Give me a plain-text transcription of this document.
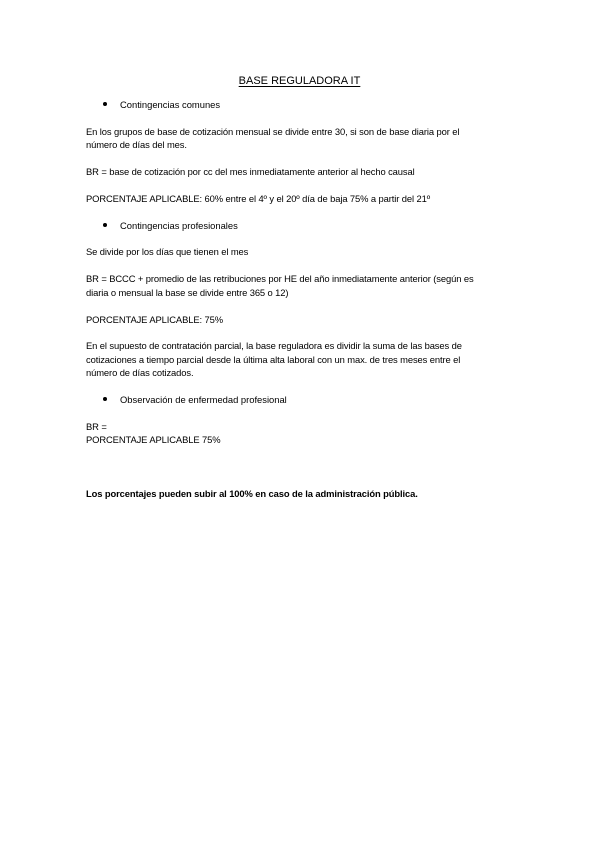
BASE REGULADORA IT
Contingencias comunes
En los grupos de base de cotización mensual se divide entre 30, si son de base diaria por el
número de días del mes.
BR = base de cotización por cc del mes inmediatamente anterior al hecho causal
PORCENTAJE APLICABLE: 60% entre el 4º y el 20º día de baja 75% a partir del 21º
Contingencias profesionales
Se divide por los días que tienen el mes
BR = BCCC + promedio de las retribuciones por HE del año inmediatamente anterior (según es
diaria o mensual la base se divide entre 365 o 12)
PORCENTAJE APLICABLE: 75%
En el supuesto de contratación parcial, la base reguladora es dividir la suma de las bases de
cotizaciones a tiempo parcial desde la última alta laboral con un max. de tres meses entre el
número de días cotizados.
Observación de enfermedad profesional
BR =
PORCENTAJE APLICABLE 75%
Los porcentajes pueden subir al 100% en caso de la administración pública.
